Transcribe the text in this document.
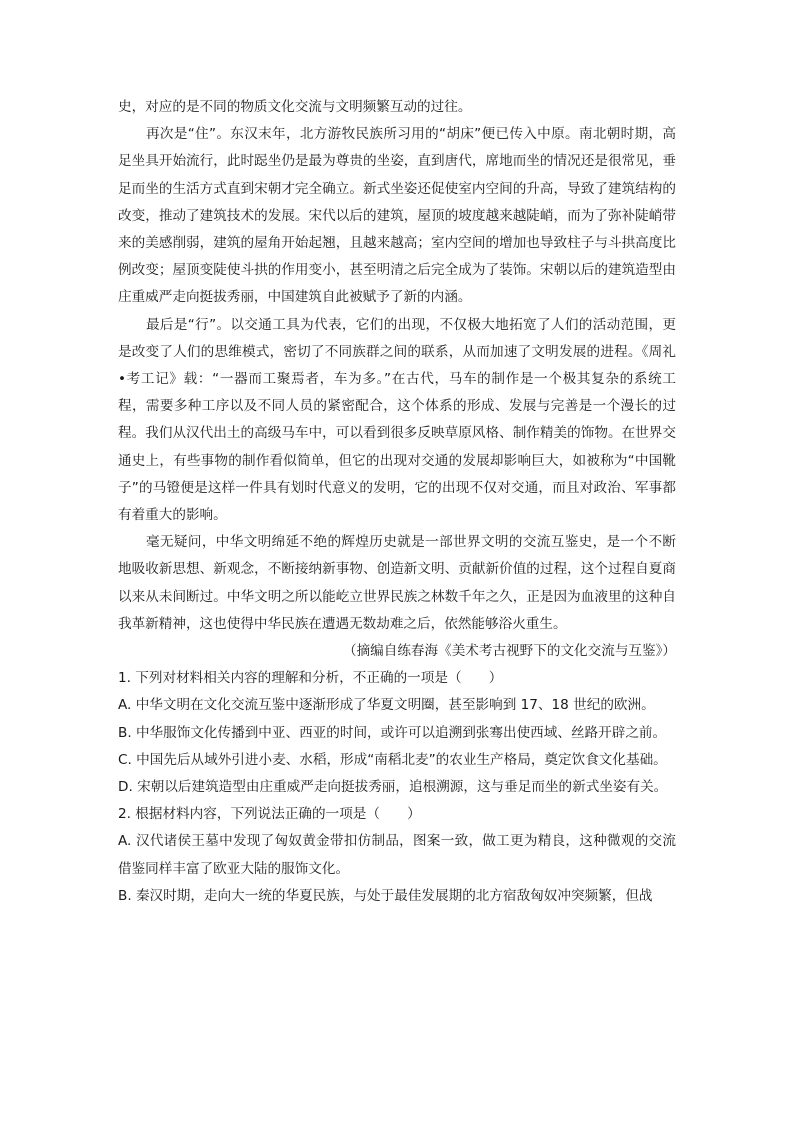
史，对应的是不同的物质文化交流与文明频繁互动的过往。

再次是“住”。东汉末年，北方游牧民族所习用的“胡床”便已传入中原。南北朝时期，高足坐具开始流行，此时跽坐仍是最为尊贵的坐姿，直到唐代，席地而坐的情况还是很常见，垂足而坐的生活方式直到宋朝才完全确立。新式坐姿还促使室内空间的升高，导致了建筑结构的改变，推动了建筑技术的发展。宋代以后的建筑，屋顶的坡度越来越陡峭，而为了弥补陡峭带来的美感削弱，建筑的屋角开始起翘，且越来越高；室内空间的增加也导致柱子与斗拱高度比例改变；屋顶变陡使斗拱的作用变小，甚至明清之后完全成为了装饰。宋朝以后的建筑造型由庄重威严走向挺拔秀丽，中国建筑自此被赋予了新的内涵。

最后是“行”。以交通工具为代表，它们的出现，不仅极大地拓宽了人们的活动范围，更是改变了人们的思维模式，密切了不同族群之间的联系，从而加速了文明发展的进程。《周礼•考工记》载：“一器而工聚焉者，车为多。”在古代，马车的制作是一个极其复杂的系统工程，需要多种工序以及不同人员的紧密配合，这个体系的形成、发展与完善是一个漫长的过程。我们从汉代出土的高级马车中，可以看到很多反映草原风格、制作精美的饰物。在世界交通史上，有些事物的制作看似简单，但它的出现对交通的发展却影响巨大，如被称为“中国靴子”的马镫便是这样一件具有划时代意义的发明，它的出现不仅对交通，而且对政治、军事都有着重大的影响。

毫无疑问，中华文明绵延不绝的辉煌历史就是一部世界文明的交流互鉴史，是一个不断地吸收新思想、新观念，不断接纳新事物、创造新文明、贡献新价值的过程，这个过程自夏商以来从未间断过。中华文明之所以能屹立世界民族之林数千年之久，正是因为血液里的这种自我革新精神，这也使得中华民族在遭遇无数劫难之后，依然能够浴火重生。

（摘编自练春海《美术考古视野下的文化交流与互鉴》）

1. 下列对材料相关内容的理解和分析，不正确的一项是（　　）

A. 中华文明在文化交流互鉴中逐渐形成了华夏文明圈，甚至影响到 17、18 世纪的欧洲。

B. 中华服饰文化传播到中亚、西亚的时间，或许可以追溯到张骞出使西域、丝路开辟之前。

C. 中国先后从域外引进小麦、水稻，形成“南稻北麦”的农业生产格局，奠定饮食文化基础。

D. 宋朝以后建筑造型由庄重威严走向挺拔秀丽，追根溯源，这与垂足而坐的新式坐姿有关。

2. 根据材料内容，下列说法正确的一项是（　　）

A. 汉代诸侯王墓中发现了匈奴黄金带扣仿制品，图案一致，做工更为精良，这种微观的交流借鉴同样丰富了欧亚大陆的服饰文化。

B. 秦汉时期，走向大一统的华夏民族，与处于最佳发展期的北方宿敌匈奴冲突频繁，但战
